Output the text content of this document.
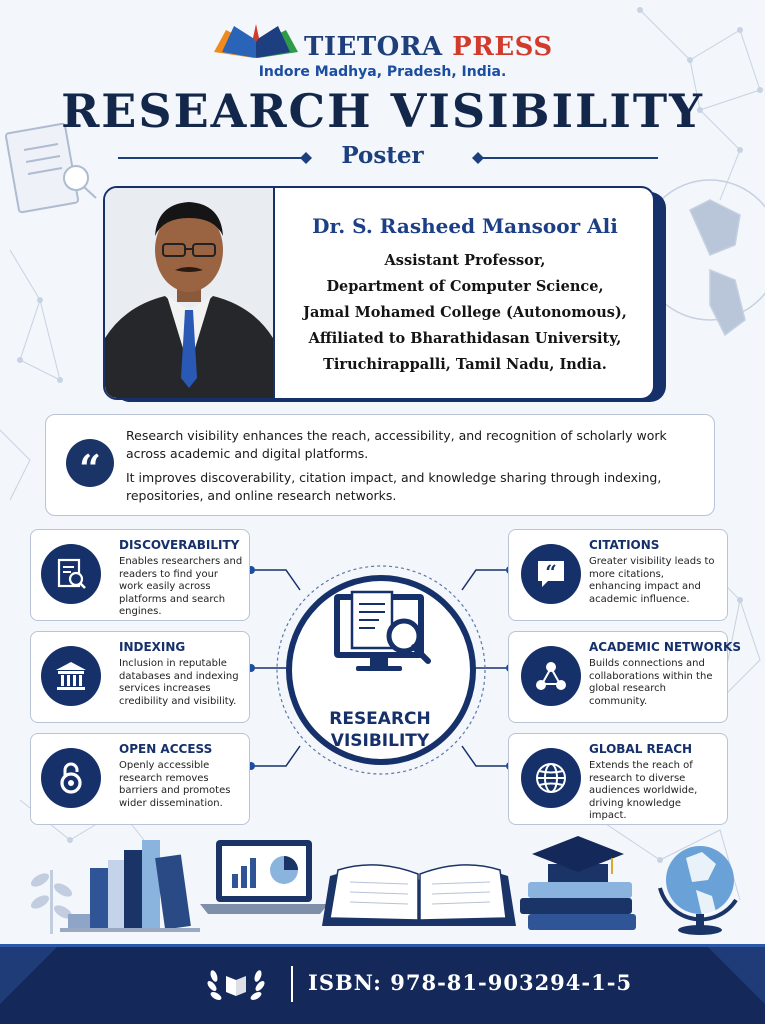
TIETORA PRESS
Indore Madhya, Pradesh, India.
RESEARCH VISIBILITY
Poster
Dr. S. Rasheed Mansoor Ali
Assistant Professor,
Department of Computer Science,
Jamal Mohamed College (Autonomous),
Affiliated to Bharathidasan University,
Tiruchirappalli, Tamil Nadu, India.
“

Research visibility enhances the reach, accessibility, and recognition of scholarly work across academic and digital platforms.

It improves discoverability, citation impact, and knowledge sharing through indexing, repositories, and online research networks.

RESEARCH
VISIBILITY
DISCOVERABILITY
Enables researchers and readers to find your work easily across platforms and search engines.
INDEXING
Inclusion in reputable databases and indexing services increases credibility and visibility.
OPEN ACCESS
Openly accessible research removes barriers and promotes wider dissemination.
“
CITATIONS
Greater visibility leads to more citations, enhancing impact and academic influence.
ACADEMIC NETWORKS
Builds connections and collaborations within the global research community.
GLOBAL REACH
Extends the reach of research to diverse audiences worldwide, driving knowledge impact.
ISBN: 978-81-903294-1-5
